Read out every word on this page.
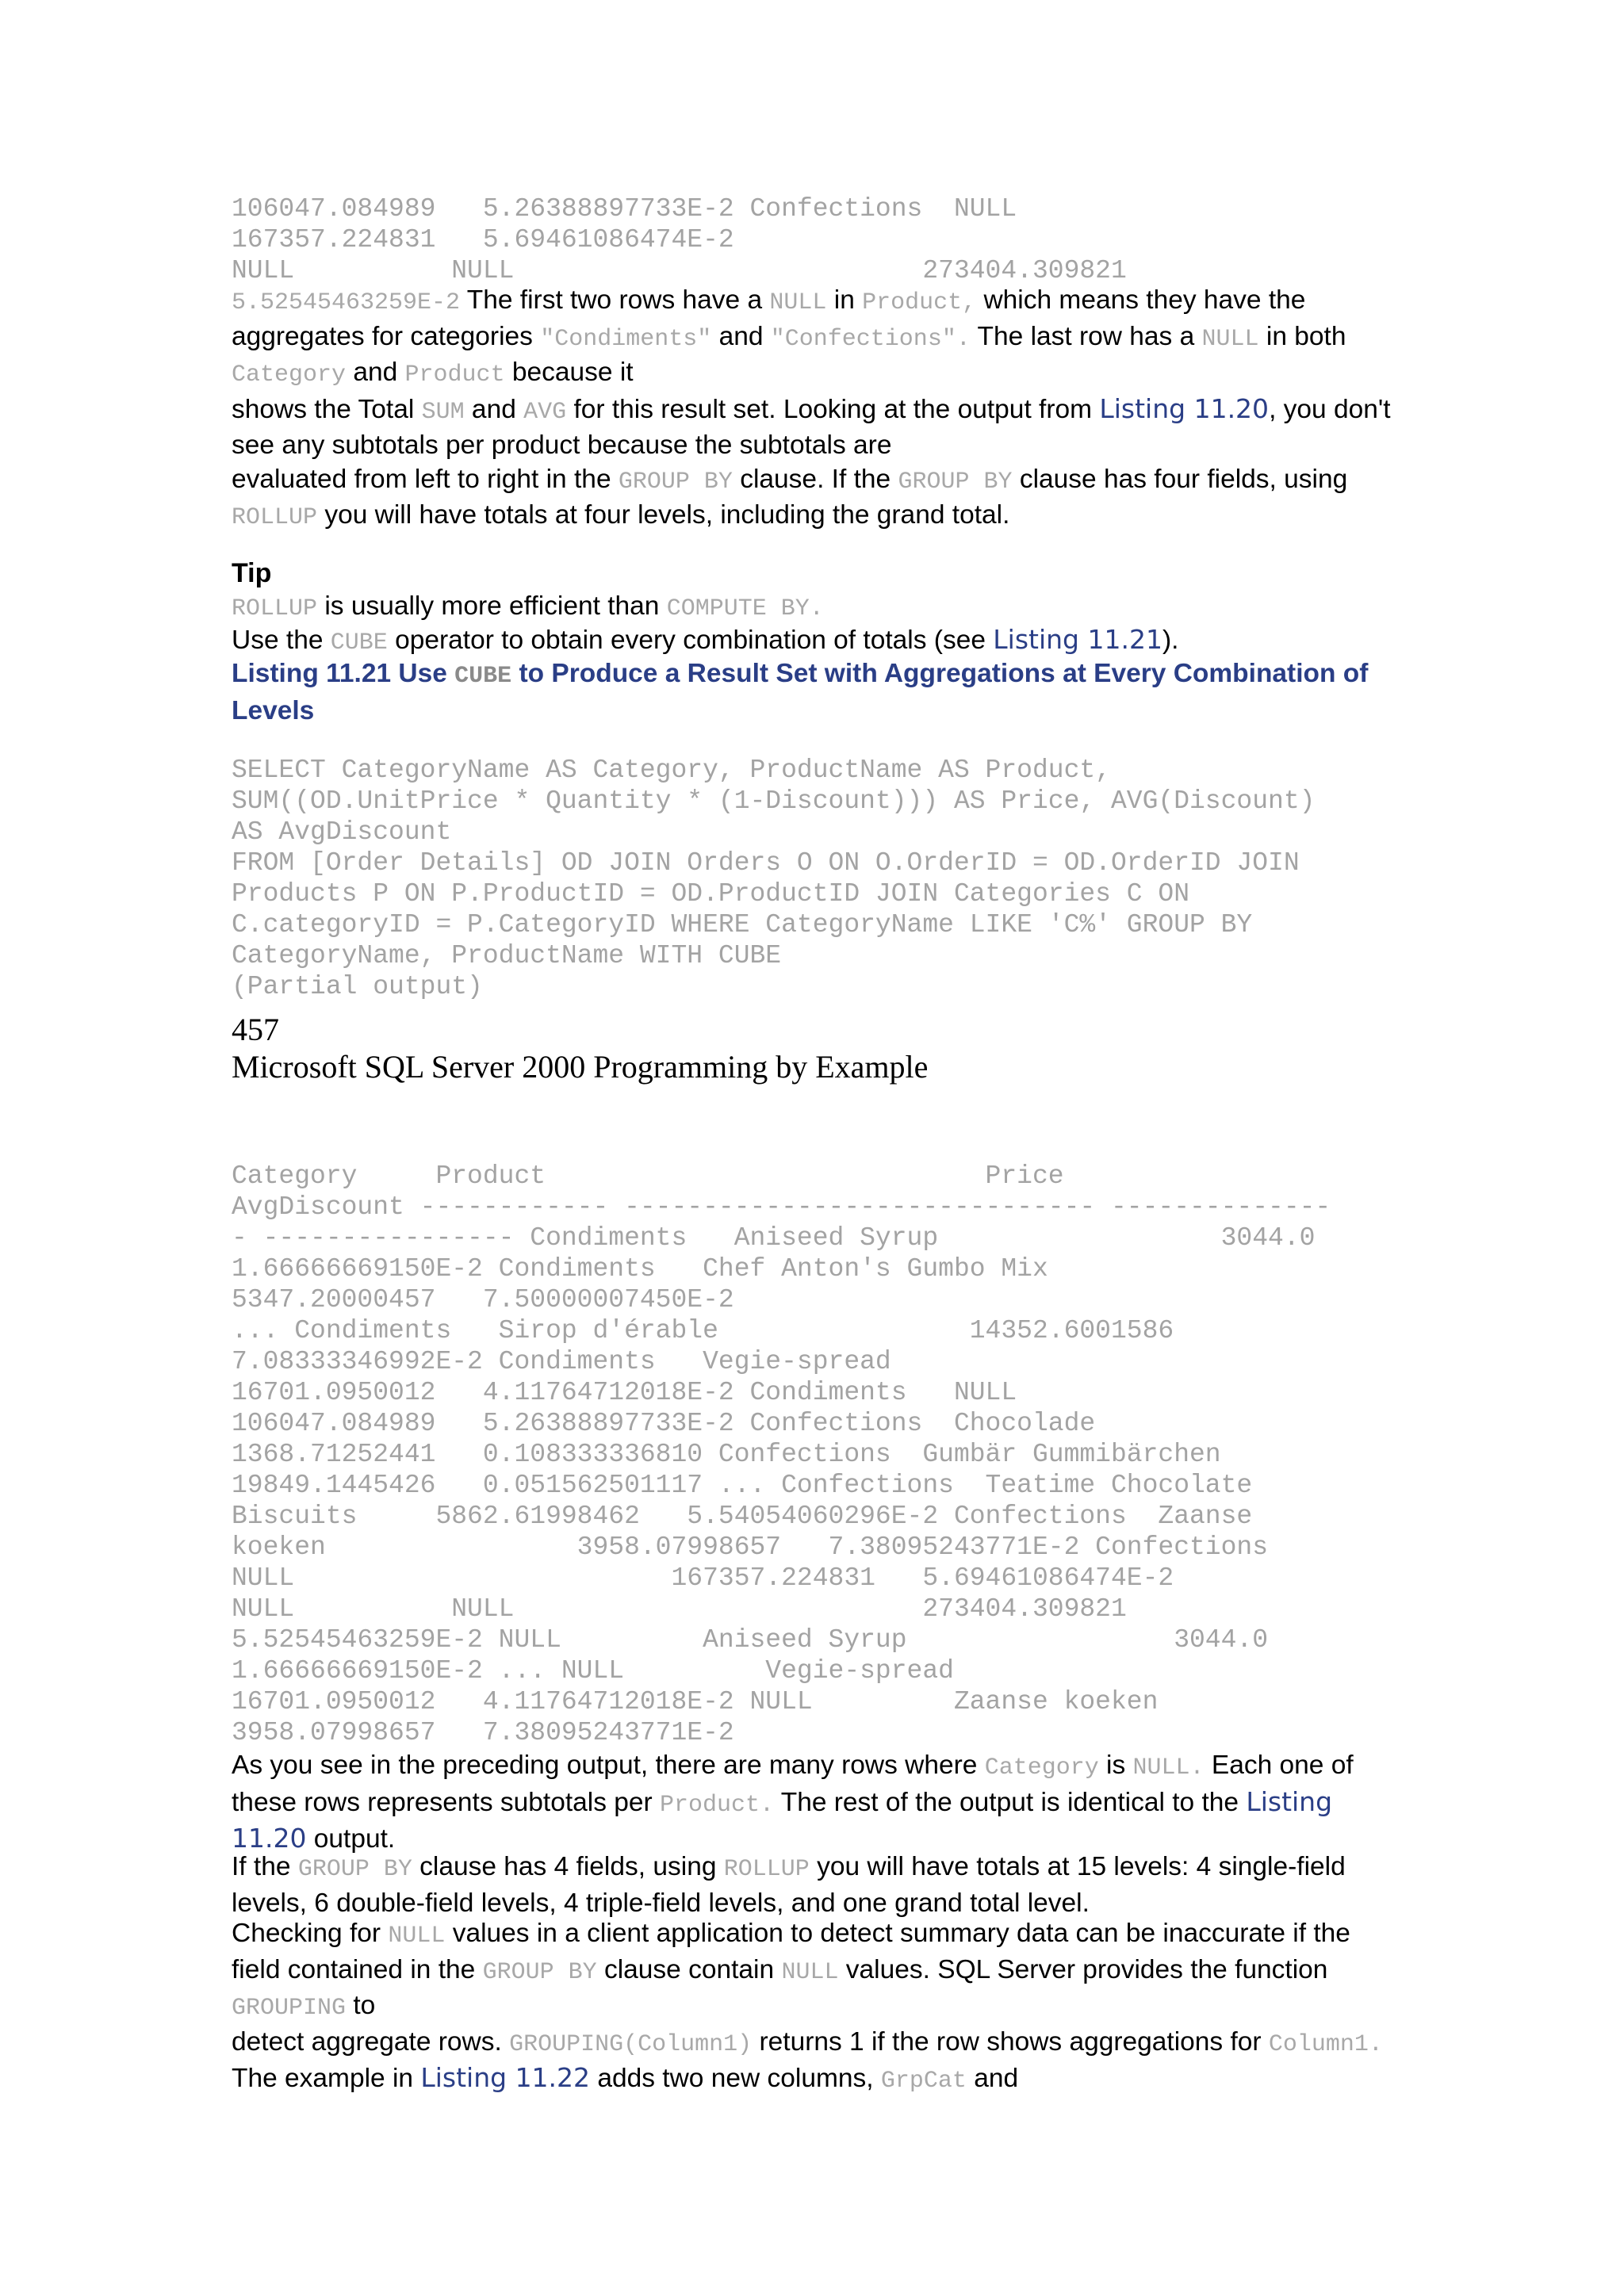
106047.084989   5.26388897733E-2 Confections  NULL
167357.224831   5.69461086474E-2
NULL          NULL                          273404.309821

5.52545463259E-2 The first two rows have a NULL in Product, which means they have the aggregates for categories "Condiments" and "Confections". The last row has a NULL in both Category and Product because it
shows the Total SUM and AVG for this result set. Looking at the output from Listing 11.20, you don't see any subtotals per product because the subtotals are
evaluated from left to right in the GROUP BY clause. If the GROUP BY clause has four fields, using ROLLUP you will have totals at four levels, including the grand total.

Tip

ROLLUP is usually more efficient than COMPUTE BY.

Use the CUBE operator to obtain every combination of totals (see Listing 11.21).

Listing 11.21 Use CUBE to Produce a Result Set with Aggregations at Every Combination of Levels

SELECT CategoryName AS Category, ProductName AS Product,
SUM((OD.UnitPrice * Quantity * (1-Discount))) AS Price, AVG(Discount)
AS AvgDiscount
FROM [Order Details] OD JOIN Orders O ON O.OrderID = OD.OrderID JOIN
Products P ON P.ProductID = OD.ProductID JOIN Categories C ON
C.categoryID = P.CategoryID WHERE CategoryName LIKE 'C%' GROUP BY
CategoryName, ProductName WITH CUBE
(Partial output)

457

Microsoft SQL Server 2000 Programming by Example

Category     Product                            Price
AvgDiscount ------------ ------------------------------ --------------
- ---------------- Condiments   Aniseed Syrup                  3044.0
1.66666669150E-2 Condiments   Chef Anton's Gumbo Mix
5347.20000457   7.50000007450E-2
... Condiments   Sirop d'érable                14352.6001586
7.08333346992E-2 Condiments   Vegie-spread
16701.0950012   4.11764712018E-2 Condiments   NULL
106047.084989   5.26388897733E-2 Confections  Chocolade
1368.71252441   0.108333336810 Confections  Gumbär Gummibärchen
19849.1445426   0.051562501117 ... Confections  Teatime Chocolate
Biscuits     5862.61998462   5.54054060296E-2 Confections  Zaanse
koeken                3958.07998657   7.38095243771E-2 Confections
NULL                        167357.224831   5.69461086474E-2
NULL          NULL                          273404.309821
5.52545463259E-2 NULL         Aniseed Syrup                 3044.0
1.66666669150E-2 ... NULL         Vegie-spread
16701.0950012   4.11764712018E-2 NULL         Zaanse koeken
3958.07998657   7.38095243771E-2

As you see in the preceding output, there are many rows where Category is NULL. Each one of these rows represents subtotals per Product. The rest of the output is identical to the Listing 11.20 output.

If the GROUP BY clause has 4 fields, using ROLLUP you will have totals at 15 levels: 4 single-field levels, 6 double-field levels, 4 triple-field levels, and one grand total level.

Checking for NULL values in a client application to detect summary data can be inaccurate if the field contained in the GROUP BY clause contain NULL values. SQL Server provides the function GROUPING to
detect aggregate rows. GROUPING(Column1) returns 1 if the row shows aggregations for Column1. The example in Listing 11.22 adds two new columns, GrpCat and
